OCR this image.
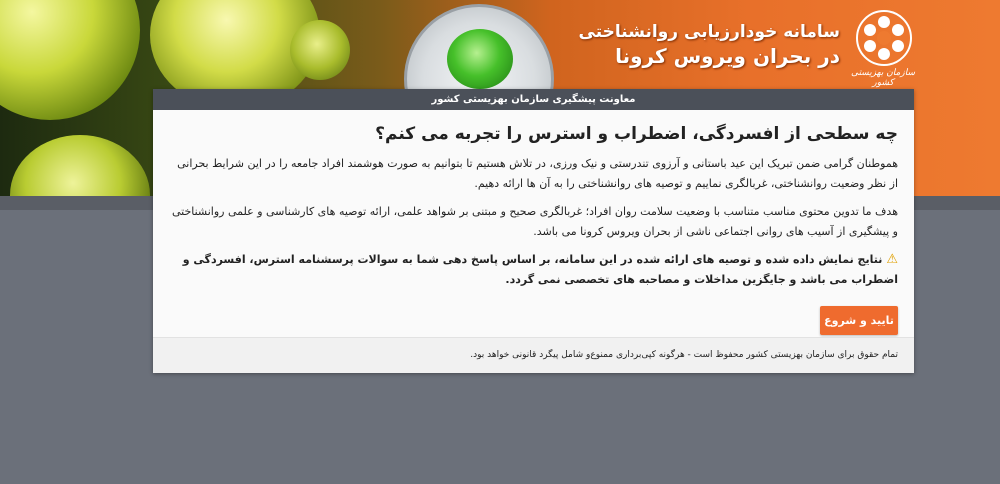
سامانه خودارزیابی روانشناختی
در بحران ویروس کرونا
سازمان بهزیستی کشور
معاونت پیشگیری سازمان بهزیستی کشور
چه سطحی از افسردگی، اضطراب و استرس را تجربه می کنم؟

هموطنان گرامی ضمن تبریک این عید باستانی و آرزوی تندرستی و نیک ورزی، در تلاش هستیم تا بتوانیم به صورت هوشمند افراد جامعه را در این شرایط بحرانی از نظر وضعیت روانشناختی، غربالگری نماییم و توصیه های روانشناختی را به آن ها ارائه دهیم.

هدف ما تدوین محتوی مناسب متناسب با وضعیت سلامت روان افراد؛ غربالگری صحیح و مبتنی بر شواهد علمی، ارائه توصیه های کارشناسی و علمی روانشناختی و پیشگیری از آسیب های روانی اجتماعی ناشی از بحران ویروس کرونا می باشد.

⚠نتایج نمایش داده شده و توصیه های ارائه شده در این سامانه، بر اساس پاسخ دهی شما به سوالات پرسشنامه استرس، افسردگی و اضطراب می باشد و جایگزین مداخلات و مصاحبه های تخصصی نمی گردد.

تایید و شروع
تمام حقوق برای سازمان بهزیستی کشور محفوظ است - هرگونه کپی‌برداری ممنوع‌و شامل پیگرد قانونی خواهد بود.
